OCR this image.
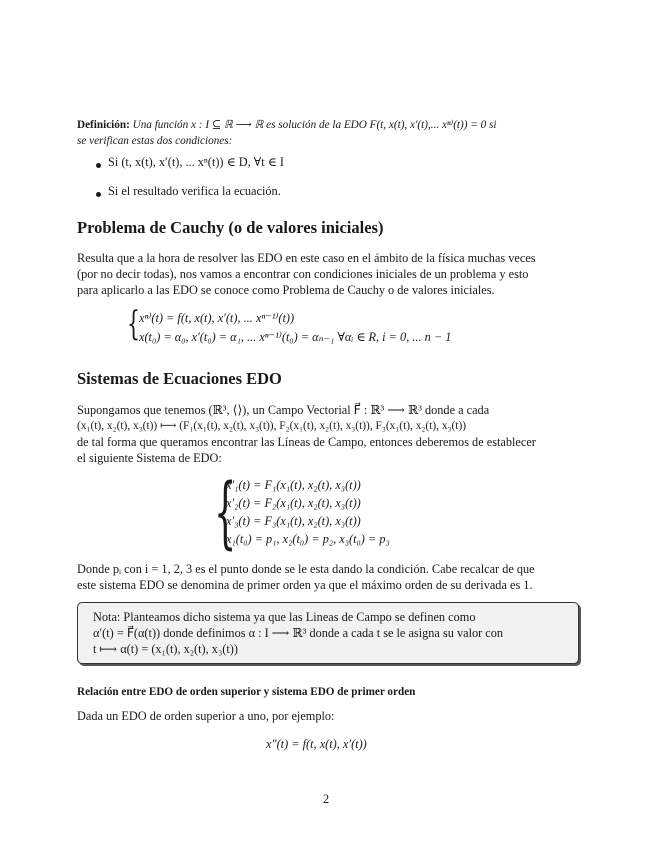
Definición: Una función x : I ⊆ ℝ ⟶ ℝ es solución de la EDO F(t, x(t), x′(t),... xⁿ⁾(t)) = 0 si
se verifican estas dos condiciones:
Si (t, x(t), x′(t), ... xⁿ(t)) ∈ D, ∀t ∈ I
Si el resultado verifica la ecuación.
Problema de Cauchy (o de valores iniciales)
Resulta que a la hora de resolver las EDO en este caso en el ámbito de la física muchas veces
(por no decir todas), nos vamos a encontrar con condiciones iniciales de un problema y esto
para aplicarlo a las EDO se conoce como Problema de Cauchy o de valores iniciales.
{ xⁿ⁾(t) = f(t, x(t), x′(t), ... xⁿ⁻¹⁾(t))
x(t₀) = α₀, x′(t₀) = α₁, ... xⁿ⁻¹⁾(t₀) = αₙ₋₁ ∀αᵢ ∈ R, i = 0, ... n − 1
Sistemas de Ecuaciones EDO
Supongamos que tenemos (ℝ³, ⟨⟩), un Campo Vectorial F⃗ : ℝ³ ⟶ ℝ³ donde a cada
(x₁(t), x₂(t), x₃(t)) ⟼ (F₁(x₁(t), x₂(t), x₃(t)), F₂(x₁(t), x₂(t), x₃(t)), F₃(x₁(t), x₂(t), x₃(t))
de tal forma que queramos encontrar las Líneas de Campo, entonces deberemos de establecer
el siguiente Sistema de EDO:
{
x′₁(t) = F₁(x₁(t), x₂(t), x₃(t))
x′₂(t) = F₂(x₁(t), x₂(t), x₃(t))
x′₃(t) = F₃(x₁(t), x₂(t), x₃(t))
x₁(t₀) = p₁, x₂(t₀) = p₂, x₃(t₀) = p₃
Donde pᵢ con i = 1, 2, 3 es el punto donde se le esta dando la condición. Cabe recalcar de que
este sistema EDO se denomina de primer orden ya que el máximo orden de su derivada es 1.
Nota: Planteamos dicho sistema ya que las Lineas de Campo se definen como
α′(t) = F⃗(α(t)) donde definimos α : I ⟶ ℝ³ donde a cada t se le asigna su valor con
t ⟼ α(t) = (x₁(t), x₂(t), x₃(t))
Relación entre EDO de orden superior y sistema EDO de primer orden
Dada un EDO de orden superior a uno, por ejemplo:
x″(t) = f(t, x(t), x′(t))
2
